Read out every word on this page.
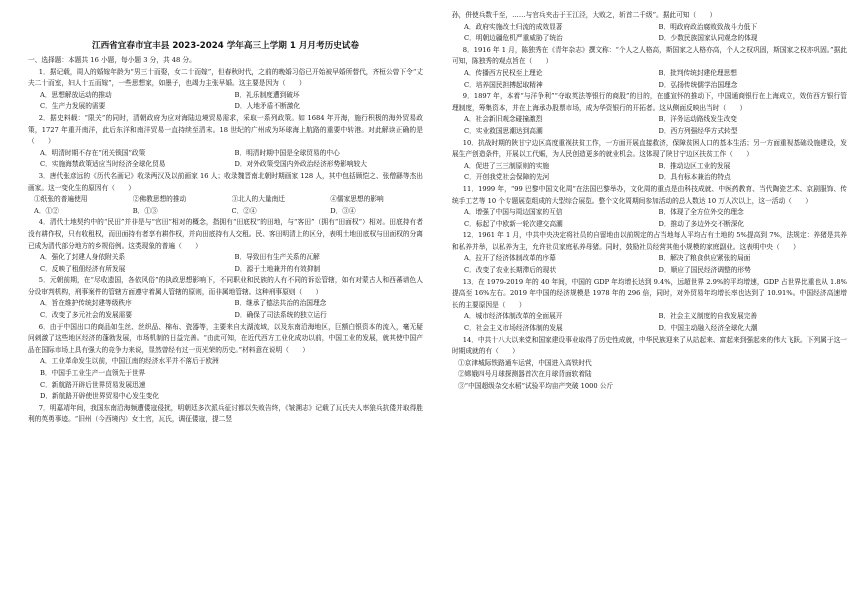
江西省宜春市宜丰县 2023-2024 学年高三上学期 1 月月考历史试卷
一、选择题：本题共 16 小题，每小题 3 分，共 48 分。

1．据记载，周人的婚嫁年龄为“男三十而娶，女二十而嫁”，但春秋时代，之前的晚婚习俗已开始被早婚所替代，齐桓公曾下令“丈夫二十而室，妇人十五而嫁”，一些思想家，如墨子，也竭力主张早婚。这主要是因为（　　）

A．思想解放运动的推动	B．礼乐制度遭到破坏
C．生产力发展的需要	D．人地矛盾不断激化

2．据史料载：“限关”的同时，清朝政府为应对海陆边境贸易需求，采取一系列政策。如 1684 年开海，施行积极的海外贸易政策，1727 年重开南洋，此后东洋和南洋贸易一直持续至清末。18 世纪的广州成为环球海上航路的重要中转港。对此解读正确的是（　　）

A．明清时期不存在“闭关锁国”政策	B．明清时期中国是全球贸易的中心
C．实施海禁政策适应当时经济全球化贸易	D．对外政策受国内外政治经济形势影响较大

3．唐代张彦远的《历代名画记》收录两汉及以前画家 16 人；收录魏晋南北朝时期画家 128 人，其中包括顾恺之、张僧繇等杰出画家。这一变化生的原因有（　　）

①纸张的普遍使用	②佛教思想的推动	③北人的大量南迁	④儒家思想的影响
A．①②	B．①③	C．②④	D．③④

4．清代土地契约中的“民田”并非是与“官田”相对的概念，指拥有“田底权”的田地，与“客田”（拥有“田面权”）相对。田底持有者没有耕作权，只有收租权，而田面持有者享有耕作权，并向田底持有人交租。民、客田明清上的区分，表明土地田底权与田面权的分离已成为清代部分地方的乡规俗例。这类现象的普遍（　　）

A．强化了封建人身依附关系	B．导致田有生产关系的瓦解
C．反映了租佃经济有所发展	D．源于土地兼并的有效抑制

5．元朝前期，在“尽收遗国，各依风俗”的执政思想影响下，不同职业和民族的人有不同的诉讼管辖，如有对蒙古人和西蕃谱色人分设审判机构，刑事案件的管辖方面遵守着属人管辖的原则，而非属地管辖。这种刑事原则（　　）

A．旨在维护传统封建等级秩序	B．继承了德法共治的治国理念
C．改变了多元社会的发展需要	D．确保了司法系统的独立运行

6．由于中国出口的商品如生丝、丝织品、棉布、瓷器等，主要来自太湖流域，以及东南沿海地区，巨额白银资本的流入，毫无疑问刺激了这些地区经济的蓬勃发展，市场机制的日益完善。“由此可知，在近代西方工业化成功以前，中国工业的发展，就其使中国产品在国际市场上具有强大的竞争力来说，显然曾经有过一页光荣的历史。”材料意在说明（　　）

A．工业革命发生以前，中国江南的经济水平并不落后于欧洲
B．中国手工业生产一直领先于世界
C．新航路开辟后世界贸易发展迅速
D．新航路开辟使世界贸易中心发生变化

7．明嘉靖年间，我国东南沿海频遭倭寇侵扰，明朝廷多次派兵征讨都以失败告终，《皱溯志》记载了瓦氏夫人率狼兵抗倭并取得胜利的英勇事迹。“旧州（今西境内）女土官，瓦氏，调征倭寇，提二竖

孙，併使兵数千至，……与官兵夹击于王江泾，大败之，斩首二千级”。据此可知（　　）

A．政府实施改土归流的成效显著	B．明政府政治腐败致战斗力低下
C．明朝边疆危机严重威胁了统治	D．少数民族国家认同观念的体现

8．1916 年 1 月，陈独秀在《青年杂志》撰文称：“个人之人格高，斯国家之人格亦高，个人之权巩固，斯国家之权亦巩固。”据此可知，陈独秀的观点旨在（　　）

A．传播西方民权至上理论	B．批判传统封建伦理思想
C．培养国民担搏起取精神	D．弘扬传统儒学治国理念

9．1897 年，本着“与洋争利”“夺取英法等银行的商股”的目的，在盛宣怀的推动下，中国通商银行在上海成立，效仿西方银行管理制度，筹集资本，并在上海承办股票市场，成为华资银行的开拓者。这从侧面反映出当时（　　）

A．社会新旧观念碰撞激烈	B．洋务运动路线发生改变
C．实业救国思潮达到高潮	D．西方列强经华方式转型

10．抗战时期的陕甘宁边区高度重视扶贫工作，一方面开展直接救济，保障贫困人口的基本生活；另一方面重视基础设施建设，发展生产创造条件，开展以工代赈，为人民创造更多的就业机会。这体现了陕甘宁边区扶贫工作（　　）

A．促进了三三制原则的实施	B．推动边区工业的发展
C．开创我党社会保障的先河	D．具有标本兼治的特点

11．1999 年，“99 巴黎中国文化周”在法国巴黎举办，文化周的重点是由科技成就、中医药教育、当代陶瓷艺术、京剧服饰、传统手工艺等 10 个专题展览组成的大型综合展览。整个文化周期间参加活动的总人数达 10 万人次以上，这一活动（　　）

A．增强了中国与周边国家的互信	B．体现了全方位外交的理念
C．标起了中欧新一轮次建交高潮	D．推动了多边外交不断深化

12．1961 年 1 月，中共中央决定将社员的自留地由以前规定的占当地每人平均占有土地的 5%提高到 7%，法规定：养猪是共养和私养并举，以私养为主，允许社员家庭私养母猪。同时，鼓励社员经营其他小规模的家庭副业。这表明中央（　　）

A．拉开了经济体制改革的序幕	B．解决了粮食供应紧张的局面
C．改变了农业长期滞后的现状	D．顺应了国民经济调整的形势

13．在 1979-2019 年的 40 年间，中国的 GDP 年均增长达到 9.4%，远超世界 2.9%的平均增速，GDP 占世界比重也从 1.8%提高至 16%左右。2019 年中国的经济规模是 1978 年的 296 倍，同时，对外贸易年均增长率也达到了 10.91%。中国经济高速增长的主要原因是（　　）

A．城市经济体制改革的全面展开	B．社会主义制度的自我发展完善
C．社会主义市场经济体制的发展	D．中国主动融入经济全球化大潮

14．中共十八大以来党和国家建设事业取得了历史性成就，中华民族迎来了从站起来、富起来到强起来的伟大飞跃。下列属于这一时期成就的有（　　）

①京津城际铁路通车运营，中国进入高铁时代
②嫦娥四号月球探测器首次在月球背面软着陆
③“中国超级杂交水稻”试验平均亩产突破 1000 公斤
